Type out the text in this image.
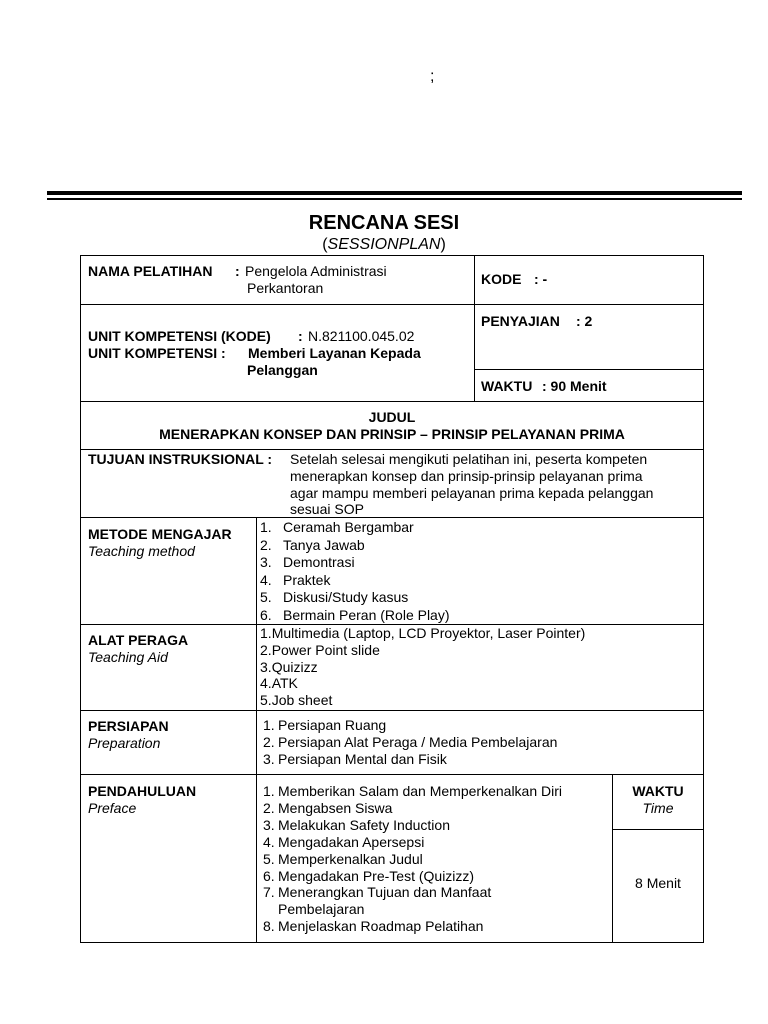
;
RENCANA SESI
(SESSIONPLAN)
NAMA PELATIHAN : Pengelola Administrasi
Perkantoran
KODE : -
UNIT KOMPETENSI (KODE) : N.821100.045.02
UNIT KOMPETENSI : Memberi Layanan Kepada
Pelanggan
PENYAJIAN : 2
WAKTU : 90 Menit
JUDUL
MENERAPKAN KONSEP DAN PRINSIP – PRINSIP PELAYANAN PRIMA
TUJUAN INSTRUKSIONAL : Setelah selesai mengikuti pelatihan ini, peserta kompeten
menerapkan konsep dan prinsip-prinsip pelayanan prima
agar mampu memberi pelayanan prima kepada pelanggan
sesuai SOP
METODE MENGAJAR
Teaching method
1. Ceramah Bergambar
2. Tanya Jawab
3. Demontrasi
4. Praktek
5. Diskusi/Study kasus
6. Bermain Peran (Role Play)
ALAT PERAGA
Teaching Aid
1.Multimedia (Laptop, LCD Proyektor, Laser Pointer)
2.Power Point slide
3.Quizizz
4.ATK
5.Job sheet
PERSIAPAN
Preparation
1. Persiapan Ruang
2. Persiapan Alat Peraga / Media Pembelajaran
3. Persiapan Mental dan Fisik
PENDAHULUAN
Preface
1. Memberikan Salam dan Memperkenalkan Diri
2. Mengabsen Siswa
3. Melakukan Safety Induction
4. Mengadakan Apersepsi
5. Memperkenalkan Judul
6. Mengadakan Pre-Test (Quizizz)
7. Menerangkan Tujuan dan Manfaat
Pembelajaran
8. Menjelaskan Roadmap Pelatihan
WAKTU
Time
8 Menit
